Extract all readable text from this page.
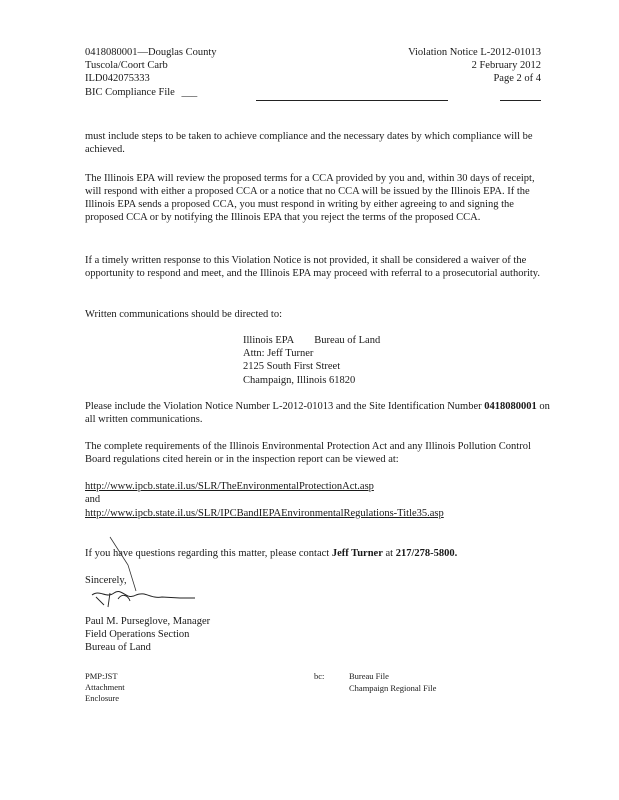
0418080001—Douglas County
Tuscola/Coort Carb
ILD042075333
BIC Compliance File ___
Violation Notice L-2012-01013
2 February 2012
Page 2 of 4

must include steps to be taken to achieve compliance and the necessary dates by which compliance will be achieved.

The Illinois EPA will review the proposed terms for a CCA provided by you and, within 30 days of receipt, will respond with either a proposed CCA or a notice that no CCA will be issued by the Illinois EPA. If the Illinois EPA sends a proposed CCA, you must respond in writing by either agreeing to and signing the proposed CCA or by notifying the Illinois EPA that you reject the terms of the proposed CCA.

If a timely written response to this Violation Notice is not provided, it shall be considered a waiver of the opportunity to respond and meet, and the Illinois EPA may proceed with referral to a prosecutorial authority.

Written communications should be directed to:

Illinois EPA Bureau of Land
Attn: Jeff Turner
2125 South First Street
Champaign, Illinois 61820

Please include the Violation Notice Number L-2012-01013 and the Site Identification Number 0418080001 on all written communications.

The complete requirements of the Illinois Environmental Protection Act and any Illinois Pollution Control Board regulations cited herein or in the inspection report can be viewed at:

http://www.ipcb.state.il.us/SLR/TheEnvironmentalProtectionAct.asp
and
http://www.ipcb.state.il.us/SLR/IPCBandIEPAEnvironmentalRegulations-Title35.asp
If you have questions regarding this matter, please contact Jeff Turner at 217/278-5800.
Sincerely,
Paul M. Purseglove, Manager
Field Operations Section
Bureau of Land
PMP:JST
Attachment
Enclosure
bc:	Bureau File
Champaign Regional File
